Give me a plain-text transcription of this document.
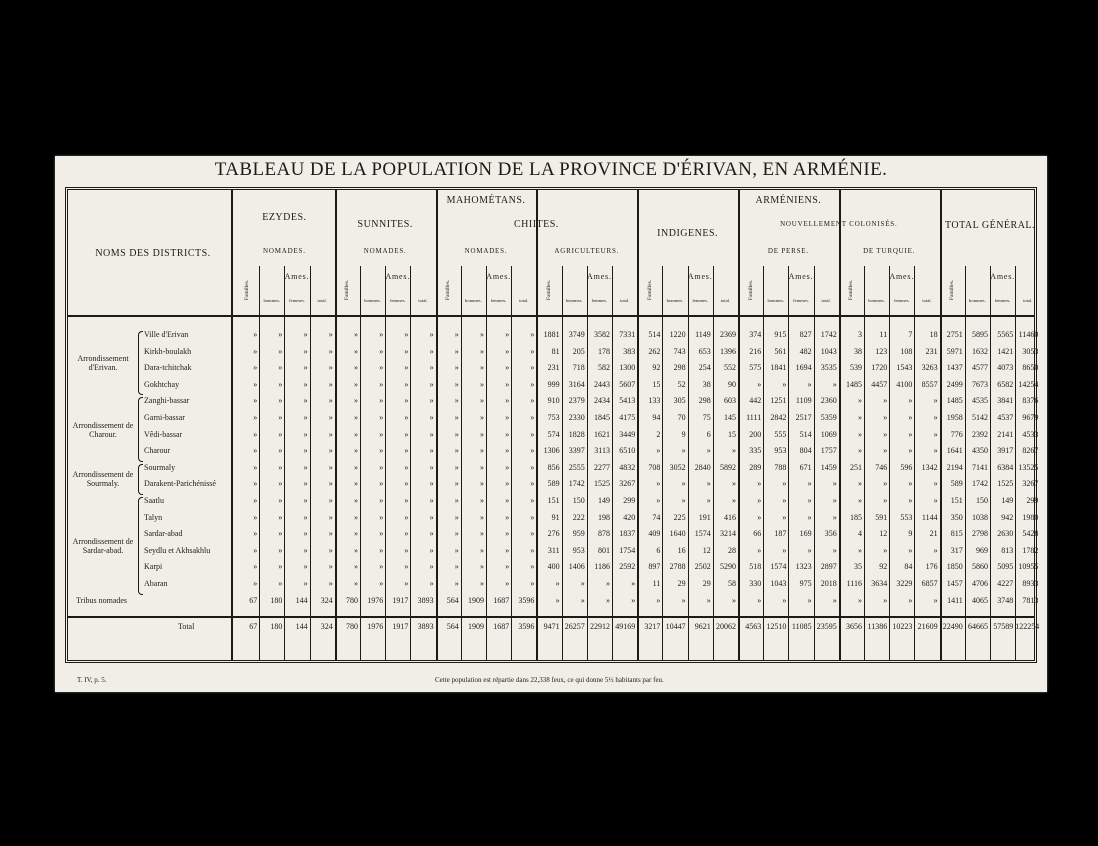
TABLEAU DE LA POPULATION DE LA PROVINCE D'ÉRIVAN, EN ARMÉNIE.
NOMS DES DISTRICTS.
EZYDES.
MAHOMÉTANS.
SUNNITES.	CHIITES.
ARMÉNIENS.
INDIGENES.
NOUVELLEMENT COLONISÉS.	TOTAL GÉNÉRAL.
NOMADES.	NOMADES.	NOMADES.	AGRICULTEURS.	DE PERSE.	DE TURQUIE.
Familles.
Ames.
hommes. femmes.	total.
Familles.
Ames.
hommes. femmes.	total.
Familles.
Ames.
hommes. femmes.	total.
Familles.
Ames.
hommes. femmes.	total.
Familles.
Ames.
hommes. femmes.	total.
Familles.
Ames.
hommes. femmes.	total.
Familles.
Ames.
hommes. femmes.	total.
Familles.
Ames.
hommes. femmes.	total.
Ville d'Erivan	»	»	»	»	»	»	»	»	»	»	»	»	1881	3749	3582	7331	514	1220	1149	2369	374	915	827	1742	3	11	7	18	2751	5895	5565 11460
Kirkh-boulakh	»	»	»	»	»	»	»	»	»	»	»	»	81	205	178	383	262	743	653	1396	216	561	482	1043	38	123	108	231	5971	1632	1421	3053
Dara-tchitchak	»	»	»	»	»	»	»	»	»	»	»	»	231	718	582	1300	92	298	254	552	575	1841	1694	3535	539	1720	1543	3263	1437	4577	4073	8650
Gokhtchay	»	»	»	»	»	»	»	»	»	»	»	»	999	3164	2443	5607	15	52	38	90	»	»	»	»	1485	4457	4100	8557	2499	7673	6582 14254
Zanghi-bassar	»	»	»	»	»	»	»	»	»	»	»	»	910	2379	2434	5413	133	305	298	603	442	1251	1109	2360	»	»	»	»	1485	4535	3841	8376
Garni-bassar	»	»	»	»	»	»	»	»	»	»	»	»	753	2330	1845	4175	94	70	75	145	1111	2842	2517	5359	»	»	»	»	1958	5142	4537	9679
Vêdi-bassar	»	»	»	»	»	»	»	»	»	»	»	»	574	1828	1621	3449	2	9	6	15	200	555	514	1069	»	»	»	»	776	2392	2141	4533
Charour	»	»	»	»	»	»	»	»	»	»	»	»	1306	3397	3113	6510	»	»	»	»	335	953	804	1757	»	»	»	»	1641	4350	3917	8267
Sourmaly	»	»	»	»	»	»	»	»	»	»	»	»	856	2555	2277	4832	708	3052	2840	5892	289	788	671	1459	251	746	596	1342	2194	7141	6384 13525
Darakent-Parichénissé	»	»	»	»	»	»	»	»	»	»	»	»	589	1742	1525	3267	»	»	»	»	»	»	»	»	»	»	»	»	589	1742	1525	3267
Saatlu	»	»	»	»	»	»	»	»	»	»	»	»	151	150	149	299	»	»	»	»	»	»	»	»	»	»	»	»	151	150	149	299
Talyn	»	»	»	»	»	»	»	»	»	»	»	»	91	222	198	420	74	225	191	416	»	»	»	»	185	591	553	1144	350	1038	942	1980
Sardar-abad	»	»	»	»	»	»	»	»	»	»	»	»	276	959	878	1837	409	1640	1574	3214	66	187	169	356	4	12	9	21	815	2798	2630	5428
Seydlu et Akhsakhlu	»	»	»	»	»	»	»	»	»	»	»	»	311	953	801	1754	6	16	12	28	»	»	»	»	»	»	»	»	317	969	813	1782
Karpi	»	»	»	»	»	»	»	»	»	»	»	»	400	1406	1186	2592	897	2788	2502	5290	518	1574	1323	2897	35	92	84	176	1850	5860	5095 10955
Abaran	»	»	»	»	»	»	»	»	»	»	»	»	»	»	»	»	11	29	29	58	330	1043	975	2018	1116	3634	3229	6857	1457	4706	4227	8933
Tribus nomades	67	180	144	324	780	1976	1917	3893	564	1909	1687	3596	»	»	»	»	»	»	»	»	»	»	»	»	»	»	»	»	1411	4065	3748	7813
Total	67	180	144	324	780	1976	1917	3893	564	1909	1687	3596	9471 26257 22912 49169	3217 10447	9621 20062	4563 12510 11085 23595	3656 11386 10223 21609 22490 64665 57589 122254
Arrondissement d'Erivan.
Arrondissement de Charour.
Arrondissement de Sourmaly.
Arrondissement de Sardar-abad.
T. IV, p. 5.	Cette population est répartie dans 22,338 feux, ce qui donne 5½ habitants par feu.
